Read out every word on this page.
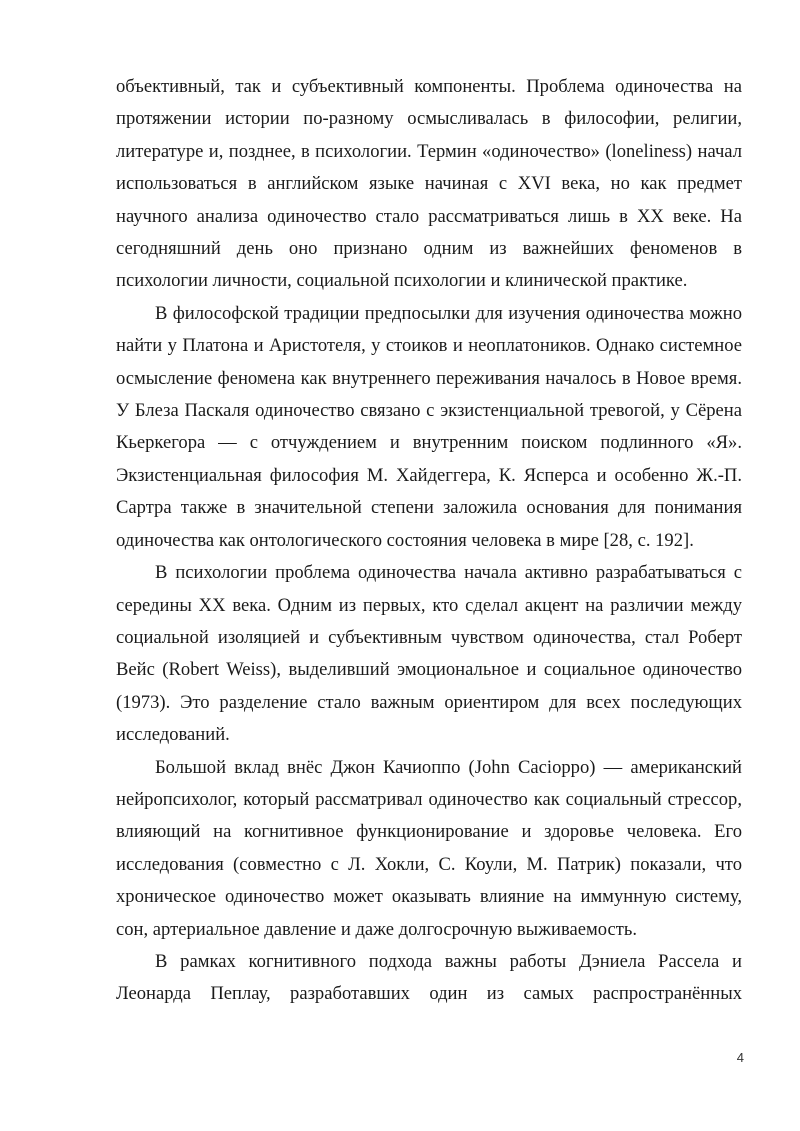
объективный, так и субъективный компоненты. Проблема одиночества на протяжении истории по-разному осмысливалась в философии, религии, литературе и, позднее, в психологии. Термин «одиночество» (loneliness) начал использоваться в английском языке начиная с XVI века, но как предмет научного анализа одиночество стало рассматриваться лишь в XX веке. На сегодняшний день оно признано одним из важнейших феноменов в психологии личности, социальной психологии и клинической практике.

В философской традиции предпосылки для изучения одиночества можно найти у Платона и Аристотеля, у стоиков и неоплатоников. Однако системное осмысление феномена как внутреннего переживания началось в Новое время. У Блеза Паскаля одиночество связано с экзистенциальной тревогой, у Сёрена Кьеркегора — с отчуждением и внутренним поиском подлинного «Я». Экзистенциальная философия М. Хайдеггера, К. Ясперса и особенно Ж.-П. Сартра также в значительной степени заложила основания для понимания одиночества как онтологического состояния человека в мире [28, с. 192].

В психологии проблема одиночества начала активно разрабатываться с середины XX века. Одним из первых, кто сделал акцент на различии между социальной изоляцией и субъективным чувством одиночества, стал Роберт Вейс (Robert Weiss), выделивший эмоциональное и социальное одиночество (1973). Это разделение стало важным ориентиром для всех последующих исследований.

Большой вклад внёс Джон Качиоппо (John Cacioppo) — американский нейропсихолог, который рассматривал одиночество как социальный стрессор, влияющий на когнитивное функционирование и здоровье человека. Его исследования (совместно с Л. Хокли, С. Коули, М. Патрик) показали, что хроническое одиночество может оказывать влияние на иммунную систему, сон, артериальное давление и даже долгосрочную выживаемость.

В рамках когнитивного подхода важны работы Дэниела Рассела и Леонарда Пеплау, разработавших один из самых распространённых

4
